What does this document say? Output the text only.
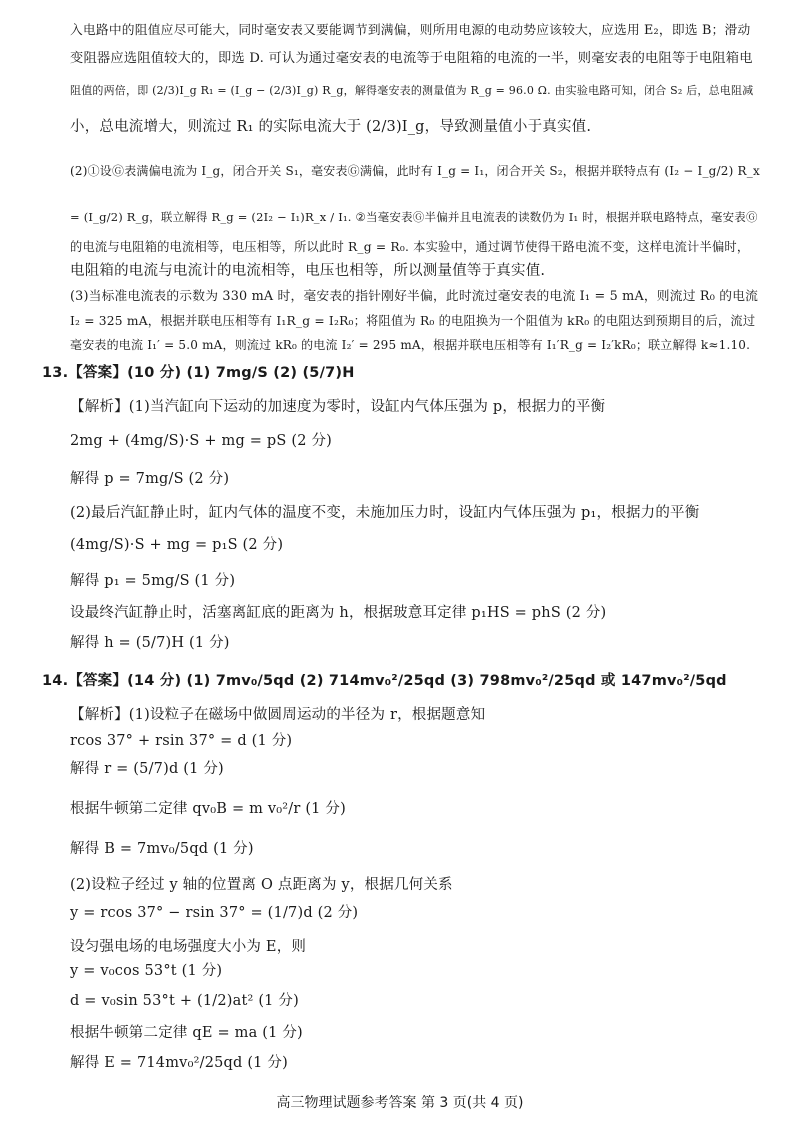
入电路中的阻值应尽可能大，同时毫安表又要能调节到满偏，则所用电源的电动势应该较大，应选用 E₂，即选 B；滑动
变阻器应选阻值较大的，即选 D. 可认为通过毫安表的电流等于电阻箱的电流的一半，则毫安表的电阻等于电阻箱电
阻值的两倍，即 (2/3)I_g R₁ = (I_g − (2/3)I_g) R_g，解得毫安表的测量值为 R_g = 96.0 Ω. 由实验电路可知，闭合 S₂ 后，总电阻减
小，总电流增大，则流过 R₁ 的实际电流大于 (2/3)I_g，导致测量值小于真实值.
(2)①设Ⓖ表满偏电流为 I_g，闭合开关 S₁，毫安表Ⓖ满偏，此时有 I_g = I₁，闭合开关 S₂，根据并联特点有 (I₂ − I_g/2) R_x
= (I_g/2) R_g，联立解得 R_g = (2I₂ − I₁)R_x / I₁. ②当毫安表Ⓖ半偏并且电流表的读数仍为 I₁ 时，根据并联电路特点，毫安表Ⓖ
的电流与电阻箱的电流相等，电压相等，所以此时 R_g = R₀. 本实验中，通过调节使得干路电流不变，这样电流计半偏时，
电阻箱的电流与电流计的电流相等，电压也相等，所以测量值等于真实值.
(3)当标准电流表的示数为 330 mA 时，毫安表的指针刚好半偏，此时流过毫安表的电流 I₁ = 5 mA，则流过 R₀ 的电流
I₂ = 325 mA，根据并联电压相等有 I₁R_g = I₂R₀；将阻值为 R₀ 的电阻换为一个阻值为 kR₀ 的电阻达到预期目的后，流过
毫安表的电流 I₁′ = 5.0 mA，则流过 kR₀ 的电流 I₂′ = 295 mA，根据并联电压相等有 I₁′R_g = I₂′kR₀；联立解得 k≈1.10.
13.【答案】(10 分) (1) 7mg/S (2) (5/7)H
【解析】(1)当汽缸向下运动的加速度为零时，设缸内气体压强为 p，根据力的平衡
2mg + (4mg/S)·S + mg = pS (2 分)
解得 p = 7mg/S (2 分)
(2)最后汽缸静止时，缸内气体的温度不变，未施加压力时，设缸内气体压强为 p₁，根据力的平衡
(4mg/S)·S + mg = p₁S (2 分)
解得 p₁ = 5mg/S (1 分)
设最终汽缸静止时，活塞离缸底的距离为 h，根据玻意耳定律 p₁HS = phS (2 分)
解得 h = (5/7)H (1 分)
14.【答案】(14 分) (1) 7mv₀/5qd (2) 714mv₀²/25qd (3) 798mv₀²/25qd 或 147mv₀²/5qd
【解析】(1)设粒子在磁场中做圆周运动的半径为 r，根据题意知
rcos 37° + rsin 37° = d (1 分)
解得 r = (5/7)d (1 分)
根据牛顿第二定律 qv₀B = m v₀²/r (1 分)
解得 B = 7mv₀/5qd (1 分)
(2)设粒子经过 y 轴的位置离 O 点距离为 y，根据几何关系
y = rcos 37° − rsin 37° = (1/7)d (2 分)
设匀强电场的电场强度大小为 E，则
y = v₀cos 53°t (1 分)
d = v₀sin 53°t + (1/2)at² (1 分)
根据牛顿第二定律 qE = ma (1 分)
解得 E = 714mv₀²/25qd (1 分)
高三物理试题参考答案 第 3 页(共 4 页)
